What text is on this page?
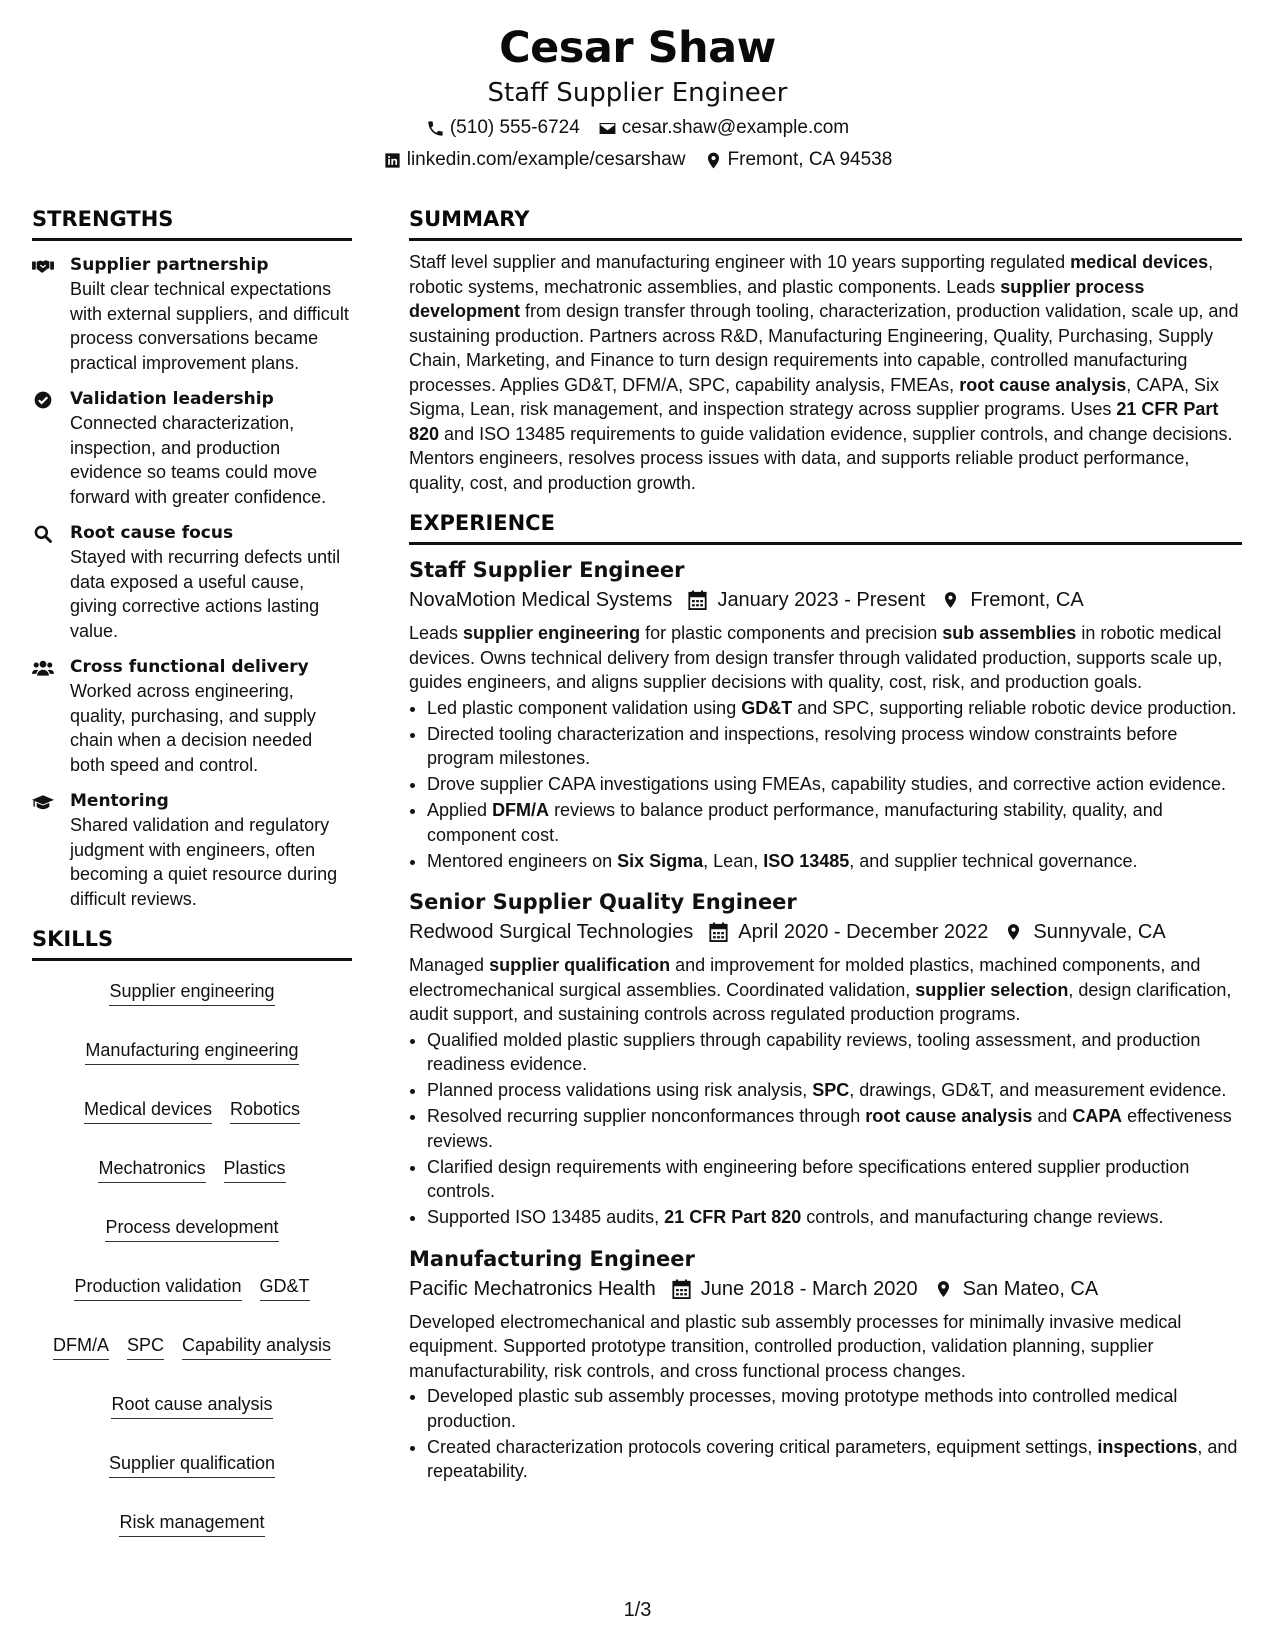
Cesar Shaw
Staff Supplier Engineer
(510) 555-6724 cesar.shaw@example.com
linkedin.com/example/cesarshaw Fremont, CA 94538
STRENGTHS
Supplier partnership
Built clear technical expectations with external suppliers, and difficult process conversations became practical improvement plans.
Validation leadership
Connected characterization, inspection, and production evidence so teams could move forward with greater confidence.
Root cause focus
Stayed with recurring defects until data exposed a useful cause, giving corrective actions lasting value.
Cross functional delivery
Worked across engineering, quality, purchasing, and supply chain when a decision needed both speed and control.
Mentoring
Shared validation and regulatory judgment with engineers, often becoming a quiet resource during difficult reviews.
SKILLS
Supplier engineering
Manufacturing engineering
Medical devices Robotics
Mechatronics Plastics
Process development
Production validation GD&T
DFM/A SPC Capability analysis
Root cause analysis
Supplier qualification
Risk management
SUMMARY
Staff level supplier and manufacturing engineer with 10 years supporting regulated medical devices, robotic systems, mechatronic assemblies, and plastic components. Leads supplier process development from design transfer through tooling, characterization, production validation, scale up, and sustaining production. Partners across R&D, Manufacturing Engineering, Quality, Purchasing, Supply Chain, Marketing, and Finance to turn design requirements into capable, controlled manufacturing processes. Applies GD&T, DFM/A, SPC, capability analysis, FMEAs, root cause analysis, CAPA, Six Sigma, Lean, risk management, and inspection strategy across supplier programs. Uses 21 CFR Part 820 and ISO 13485 requirements to guide validation evidence, supplier controls, and change decisions. Mentors engineers, resolves process issues with data, and supports reliable product performance, quality, cost, and production growth.
EXPERIENCE
Staff Supplier Engineer
NovaMotion Medical Systems January 2023 - Present Fremont, CA
Leads supplier engineering for plastic components and precision sub assemblies in robotic medical devices. Owns technical delivery from design transfer through validated production, supports scale up, guides engineers, and aligns supplier decisions with quality, cost, risk, and production goals.
• Led plastic component validation using GD&T and SPC, supporting reliable robotic device production.
• Directed tooling characterization and inspections, resolving process window constraints before program milestones.
• Drove supplier CAPA investigations using FMEAs, capability studies, and corrective action evidence.
• Applied DFM/A reviews to balance product performance, manufacturing stability, quality, and component cost.
• Mentored engineers on Six Sigma, Lean, ISO 13485, and supplier technical governance.
Senior Supplier Quality Engineer
Redwood Surgical Technologies April 2020 - December 2022 Sunnyvale, CA
Managed supplier qualification and improvement for molded plastics, machined components, and electromechanical surgical assemblies. Coordinated validation, supplier selection, design clarification, audit support, and sustaining controls across regulated production programs.
• Qualified molded plastic suppliers through capability reviews, tooling assessment, and production readiness evidence.
• Planned process validations using risk analysis, SPC, drawings, GD&T, and measurement evidence.
• Resolved recurring supplier nonconformances through root cause analysis and CAPA effectiveness reviews.
• Clarified design requirements with engineering before specifications entered supplier production controls.
• Supported ISO 13485 audits, 21 CFR Part 820 controls, and manufacturing change reviews.
Manufacturing Engineer
Pacific Mechatronics Health June 2018 - March 2020 San Mateo, CA
Developed electromechanical and plastic sub assembly processes for minimally invasive medical equipment. Supported prototype transition, controlled production, validation planning, supplier manufacturability, risk controls, and cross functional process changes.
• Developed plastic sub assembly processes, moving prototype methods into controlled medical production.
• Created characterization protocols covering critical parameters, equipment settings, inspections, and repeatability.
1/3
